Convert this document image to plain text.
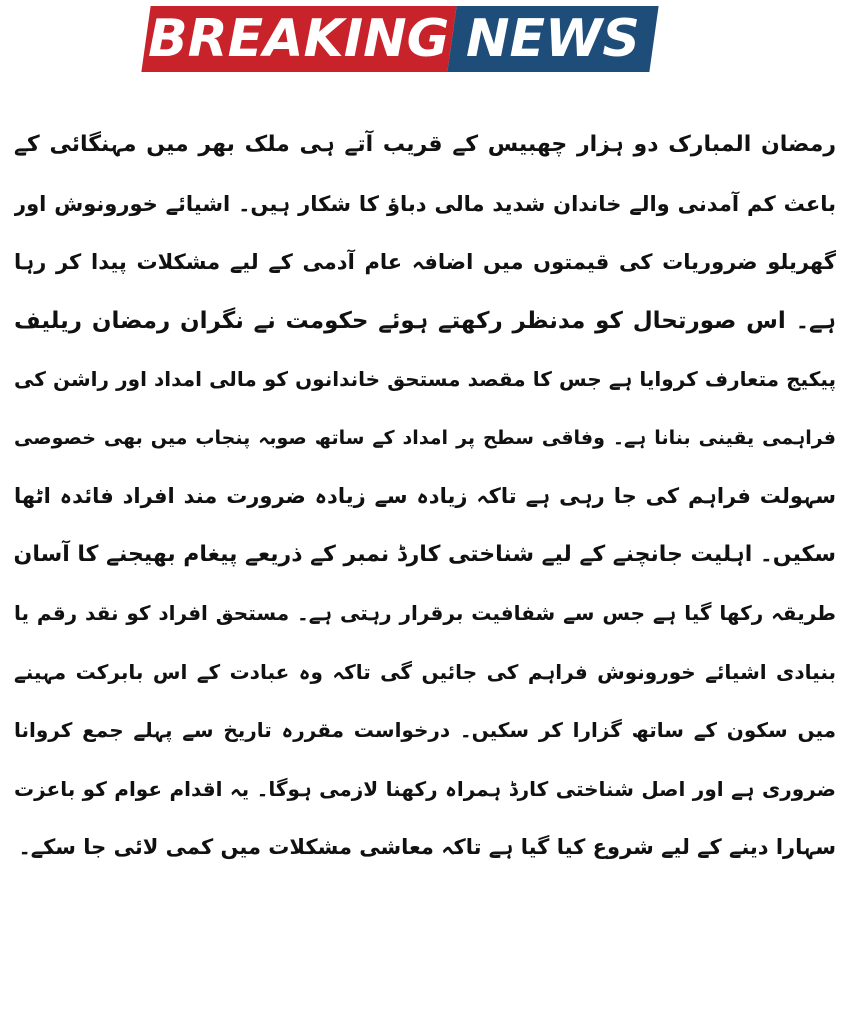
BREAKING NEWS
رمضان المبارک دو ہزار چھبیس کے قریب آتے ہی ملک بھر میں مہنگائی کے
باعث کم آمدنی والے خاندان شدید مالی دباؤ کا شکار ہیں۔ اشیائے خورونوش اور
گھریلو ضروریات کی قیمتوں میں اضافہ عام آدمی کے لیے مشکلات پیدا کر رہا
ہے۔ اس صورتحال کو مدنظر رکھتے ہوئے حکومت نے نگران رمضان ریلیف
پیکیج متعارف کروایا ہے جس کا مقصد مستحق خاندانوں کو مالی امداد اور راشن کی
فراہمی یقینی بنانا ہے۔ وفاقی سطح پر امداد کے ساتھ صوبہ پنجاب میں بھی خصوصی
سہولت فراہم کی جا رہی ہے تاکہ زیادہ سے زیادہ ضرورت مند افراد فائدہ اٹھا
سکیں۔ اہلیت جانچنے کے لیے شناختی کارڈ نمبر کے ذریعے پیغام بھیجنے کا آسان
طریقہ رکھا گیا ہے جس سے شفافیت برقرار رہتی ہے۔ مستحق افراد کو نقد رقم یا
بنیادی اشیائے خورونوش فراہم کی جائیں گی تاکہ وہ عبادت کے اس بابرکت مہینے
میں سکون کے ساتھ گزارا کر سکیں۔ درخواست مقررہ تاریخ سے پہلے جمع کروانا
ضروری ہے اور اصل شناختی کارڈ ہمراہ رکھنا لازمی ہوگا۔ یہ اقدام عوام کو باعزت
سہارا دینے کے لیے شروع کیا گیا ہے تاکہ معاشی مشکلات میں کمی لائی جا سکے۔
